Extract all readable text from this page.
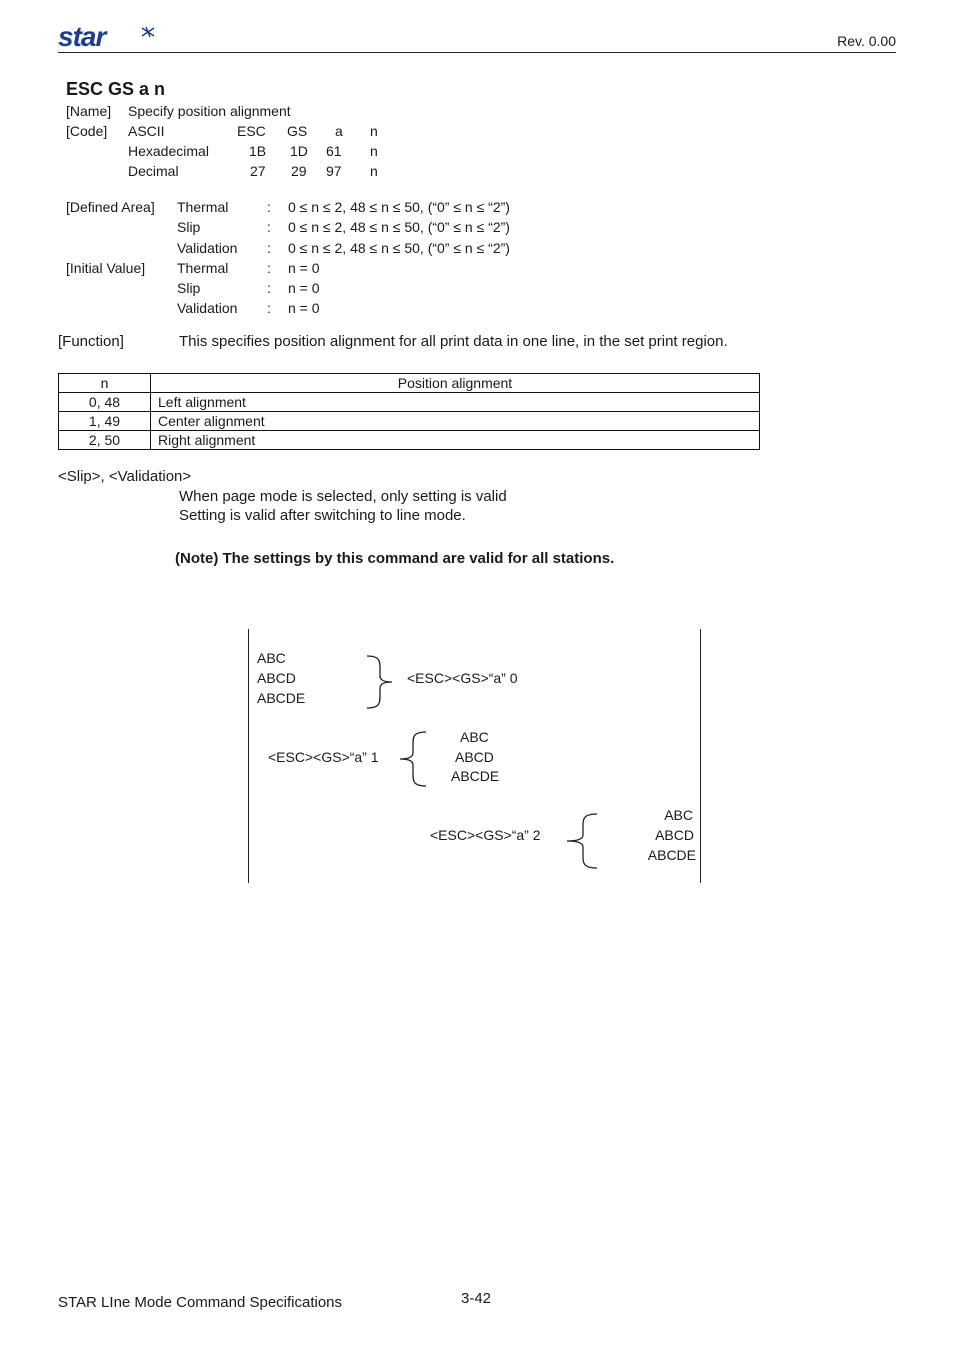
star	Rev. 0.00
ESC GS a n
[Name] Specify position alignment
[Code] ASCII	ESC GS a n
Hexadecimal	1B 1D 61 n
Decimal	27 29 97 n
[Defined Area] Thermal	: 0 ≤ n ≤ 2, 48 ≤ n ≤ 50, (“0” ≤ n ≤ “2”)
Slip	: 0 ≤ n ≤ 2, 48 ≤ n ≤ 50, (“0” ≤ n ≤ “2”)
Validation : 0 ≤ n ≤ 2, 48 ≤ n ≤ 50, (“0” ≤ n ≤ “2”)
[Initial Value] Thermal	: n = 0
Slip	: n = 0
Validation : n = 0
[Function]	This specifies position alignment for all print data in one line, in the set print region.
n	Position alignment
0, 48	Left alignment
1, 49	Center alignment
2, 50	Right alignment
<Slip>, <Validation>
When page mode is selected, only setting is valid
Setting is valid after switching to line mode.
(Note) The settings by this command are valid for all stations.
ABC
ABCD
ABCDE
<ESC><GS>“a” 0
<ESC><GS>“a” 1
ABC
ABCD
ABCDE
<ESC><GS>“a” 2
ABC
ABCD
ABCDE
STAR LIne Mode Command Specifications	3-42
